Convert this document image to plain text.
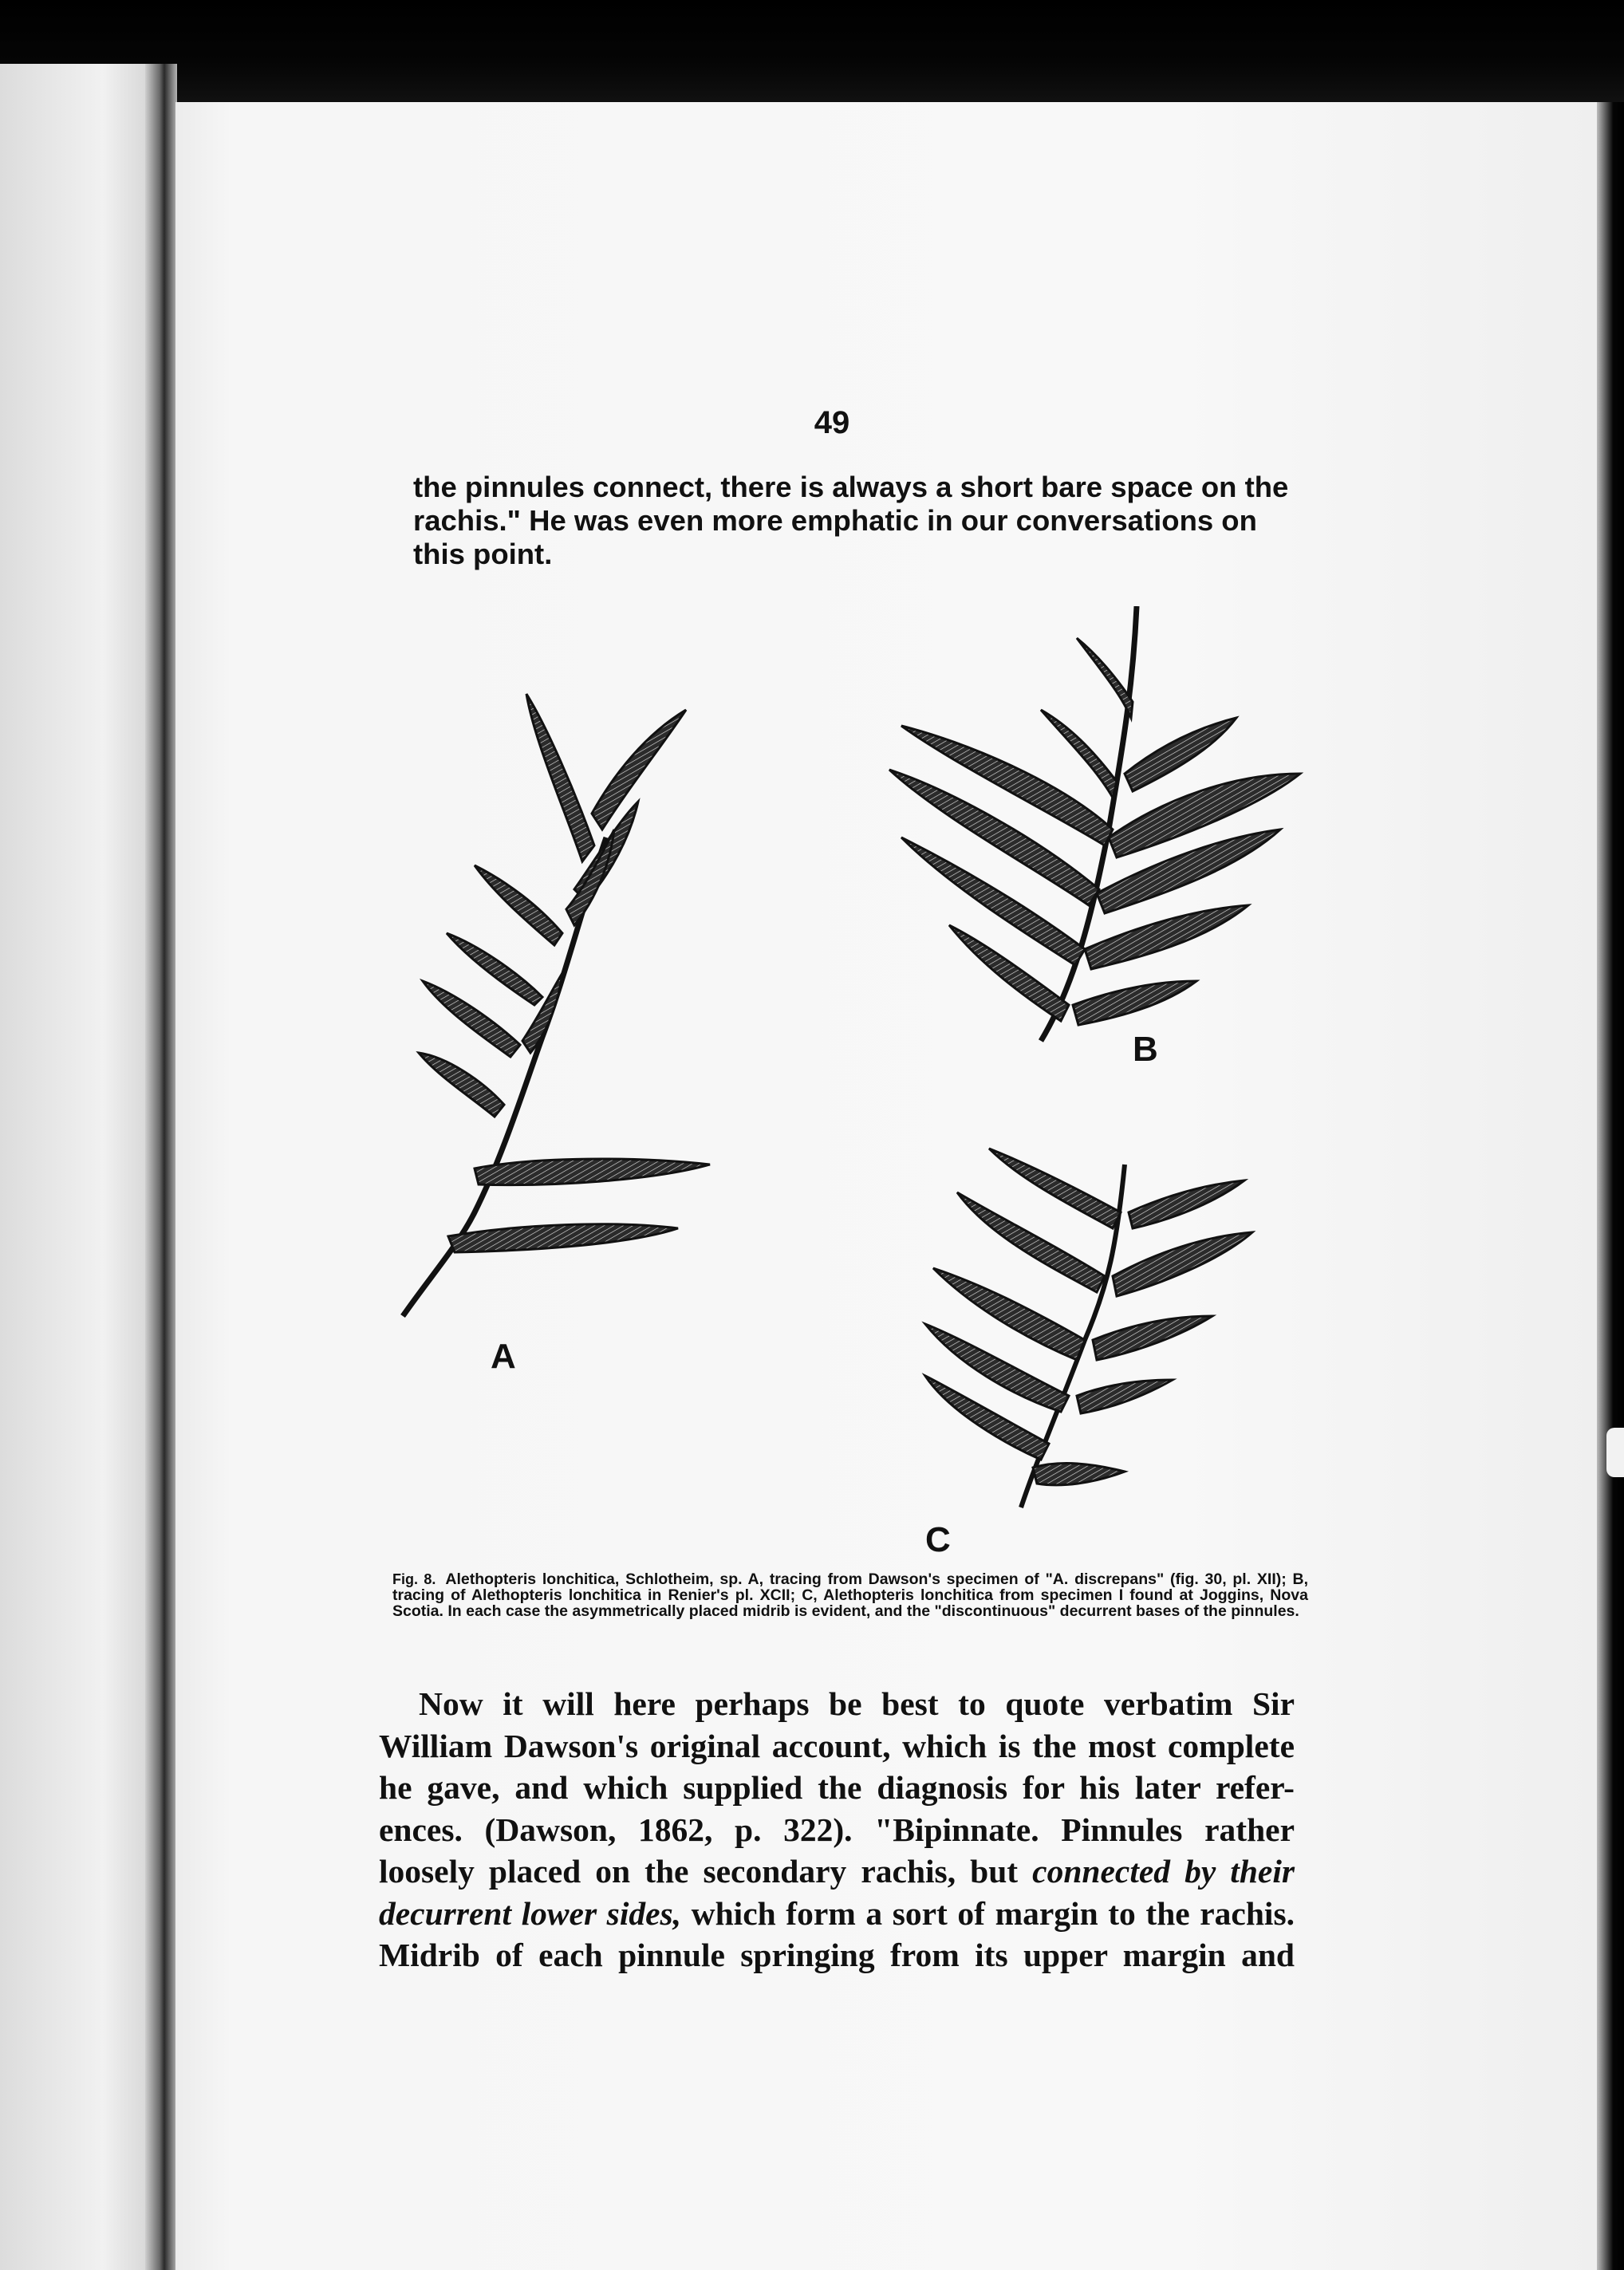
49
the pinnules connect, there is always a short bare space on the
rachis." He was even more emphatic in our conversations on
this point.
A
B
C
Fig. 8. Alethopteris lonchitica, Schlotheim, sp. A, tracing from Dawson's specimen of "A. discrepans" (fig. 30, pl. XII); B, tracing of Alethopteris lonchitica in Renier's pl. XCII; C, Alethopteris lonchitica from specimen I found at Joggins, Nova Scotia. In each case the asymmetrically placed midrib is evident, and the "discontinuous" decurrent bases of the pinnules.
Now it will here perhaps be best to quote verbatim Sir
William Dawson's original account, which is the most complete
he gave, and which supplied the diagnosis for his later refer-
ences. (Dawson, 1862, p. 322). "Bipinnate. Pinnules rather
loosely placed on the secondary rachis, but connected by their
decurrent lower sides, which form a sort of margin to the rachis.
Midrib of each pinnule springing from its upper margin and
